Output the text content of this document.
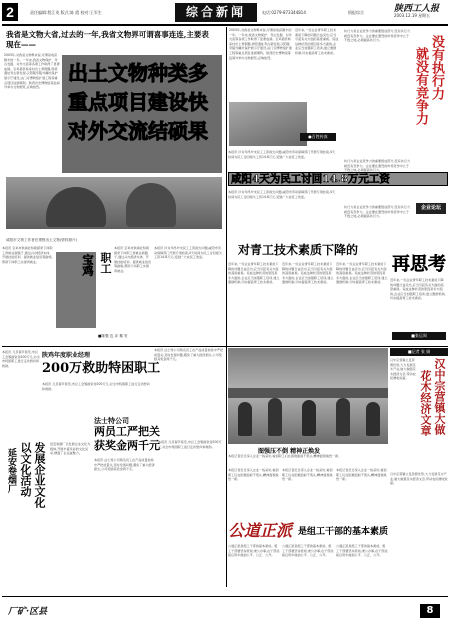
2	责任编辑:程江英 版式:陈 霞 校对:王军生	综合新闻	电话:0279-873344814	情报综合	陕西工人报
2003.12.19 星期五
我省是文物大省,过去的一年,我省文物界可谓喜事连连,主要表现在——
2003年,对我省文物界来说,可谓是收获颇丰的一年。一年来,我省文物保护、考古发掘、对外交流等各项工作取得了显著成绩。宝鸡眉县杨家村出土青铜器,周原遗址考古新发现,汉阳陵帝陵外藏坑保护展示厅建设,法门寺博物馆扩建工程等重点项目进展顺利。陕西历史博物馆等赴海外举办文物展览,反响热烈。
出土文物种类多
重点项目建设快
对外交流结硕果
咸阳市文物工作者在观察出土文物(资料照片)
2003年,对我省文物界来说,可谓是收获颇丰的一年。一年来,我省文物保护、考古发掘、对外交流等各项工作取得了显著成绩。宝鸡眉县杨家村出土青铜器,周原遗址考古新发现,汉阳陵帝陵外藏坑保护展示厅建设,法门寺博物馆扩建工程等重点项目进展顺利。陕西历史博物馆等赴海外举办文物展览,反响热烈。
近年来,一些企业青年职工技术素质下降的问题日益突出,应当引起有关方面的高度重视。造成这种状况的原因是多方面的,企业应当加强职工培训,建立激励机制,切实提高青工技术素质。
●百姓传真
本报讯 针对年终岁末民工工资拖欠问题,咸阳市劳动保障部门开展专项检查,4天时间为民工讨回拖欠工资14.8万元,受到广大农民工欢迎。
咸阳4天为民工讨回14.8万元工资
本报讯 针对年终岁末民工工资拖欠问题,咸阳市劳动保障部门开展专项检查,4天时间为民工讨回拖欠工资14.8万元,受到广大农民工欢迎。
执行力是企业竞争力的重要组成部分,没有执行力就没有竞争力。企业要在激烈的市场竞争中立于不败之地,必须提高执行力。	没有执行力
就没有竞争力
执行力是企业竞争力的重要组成部分,没有执行力就没有竞争力。企业要在激烈的市场竞争中立于不败之地,必须提高执行力。
企业论坛
执行力是企业竞争力的重要组成部分,没有执行力就没有竞争力。企业要在激烈的市场竞争中立于不败之地,必须提高执行力。
本报讯 宝鸡市供销社积极探索下岗职工再就业新路子,通过兴办经济实体、开展技能培训、提供就业信息等措施,帮助下岗职工实现再就业。	宝鸡 职工
本报讯 宝鸡市供销社积极探索下岗职工再就业新路子,通过兴办经济实体、开展技能培训、提供就业信息等措施,帮助下岗职工实现再就业。
■陈强 边 卉 秦 安
本报讯 针对年终岁末民工工资拖欠问题,咸阳市劳动保障部门开展专项检查,4天时间为民工讨回拖欠工资14.8万元,受到广大农民工欢迎。
对青工技术素质下降的
再思考
近年来,一些企业青年职工技术素质下降的问题日益突出,应当引起有关方面的高度重视。造成这种状况的原因是多方面的,企业应当加强职工培训,建立激励机制,切实提高青工技术素质。
近年来,一些企业青年职工技术素质下降的问题日益突出,应当引起有关方面的高度重视。造成这种状况的原因是多方面的,企业应当加强职工培训,建立激励机制,切实提高青工技术素质。
近年来,一些企业青年职工技术素质下降的问题日益突出,应当引起有关方面的高度重视。造成这种状况的原因是多方面的,企业应当加强职工培训,建立激励机制,切实提高青工技术素质。
近年来,一些企业青年职工技术素质下降的问题日益突出,应当引起有关方面的高度重视。造成这种状况的原因是多方面的,企业应当加强职工培训,建立激励机制,切实提高青工技术素质。
■张运周
陕鸡年度职业经理
200万救助特困职工
本报讯 元旦春节将至,市总工会筹措资金200万元,对全市特困职工进行走访慰问和救助。
本报讯 元旦春节将至,市总工会筹措资金200万元,对全市特困职工进行走访慰问和救助。
本报讯 法士特公司两名员工在产品质量检验中严把质量关,及时发现问题,避免了重大经济损失,公司奖励其奖金两千元。
法士特公司
两员工严把关
获奖金两千元
延安卷烟厂 发展企业文化
以文化活动	延安卷烟厂以发展企业文化为载体,开展丰富多彩的文化活动,增强了企业凝聚力。
本报讯 法士特公司两名员工在产品质量检验中严把质量关,及时发现问题,避免了重大经济损失,公司奖励其奖金两千元。
本报讯 元旦春节将至,市总工会筹措资金200万元,对全市特困职工进行走访慰问和救助。
图强压不倒 精神正焕发
本报记者近日深入企业一线采访,看到职工们在困难面前不低头,精神面貌焕然一新。
■记者 张 娟
汉中宗营镇大做
花木经济文章
汉中宗营镇立足资源优势,大力发展花木产业,做大做强花木经济文章,带动农民增收致富。
汉中宗营镇立足资源优势,大力发展花木产业,做大做强花木经济文章,带动农民增收致富。
本报记者近日深入企业一线采访,看到职工们在困难面前不低头,精神面貌焕然一新。
本报记者近日深入企业一线采访,看到职工们在困难面前不低头,精神面貌焕然一新。
本报记者近日深入企业一线采访,看到职工们在困难面前不低头,精神面貌焕然一新。
公道正派 是组工干部的基本素质
公道正派是组工干部的基本素质。组工干部要坚持原则,秉公办事,在干部选拔任用中做到公平、公正、公开。
公道正派是组工干部的基本素质。组工干部要坚持原则,秉公办事,在干部选拔任用中做到公平、公正、公开。
公道正派是组工干部的基本素质。组工干部要坚持原则,秉公办事,在干部选拔任用中做到公平、公正、公开。
厂矿·区县	8
